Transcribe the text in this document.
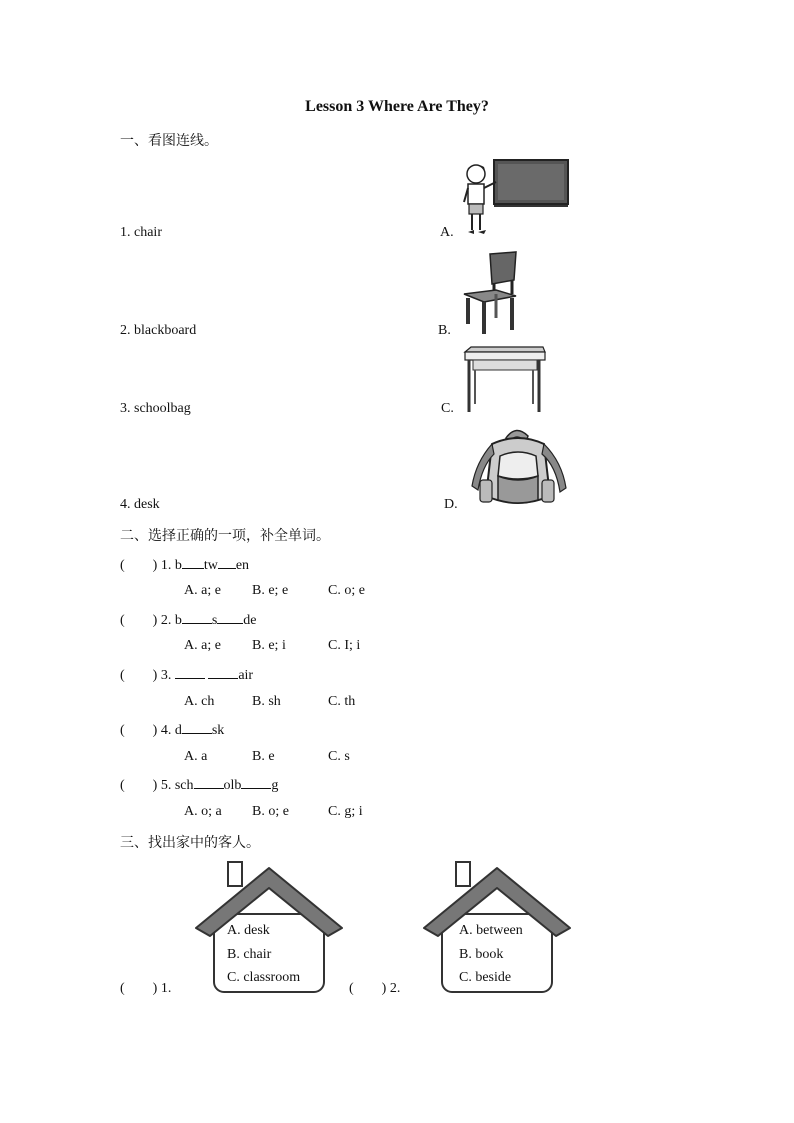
Lesson 3 Where Are They?
一、看图连线。
1. chair
2. blackboard
3. schoolbag
4. desk
A.
B.
C.
D.
二、选择正确的一项，补全单词。
(        ) 1. b tw en
A. a; e B. e; e	C. o; e
(        ) 2. b s de
A. a; e B. e; i	C. I; i
(        ) 3.	air
A. ch	B. sh	C. th
(        ) 4. d sk
A. a	B. e	C. s
(        ) 5. sch olb g
A. o; a B. o; e	C. g; i
三、找出家中的客人。
A. desk
B. chair
C. classroom
A. between
B. book
C. beside
(        ) 1.	(        ) 2.
